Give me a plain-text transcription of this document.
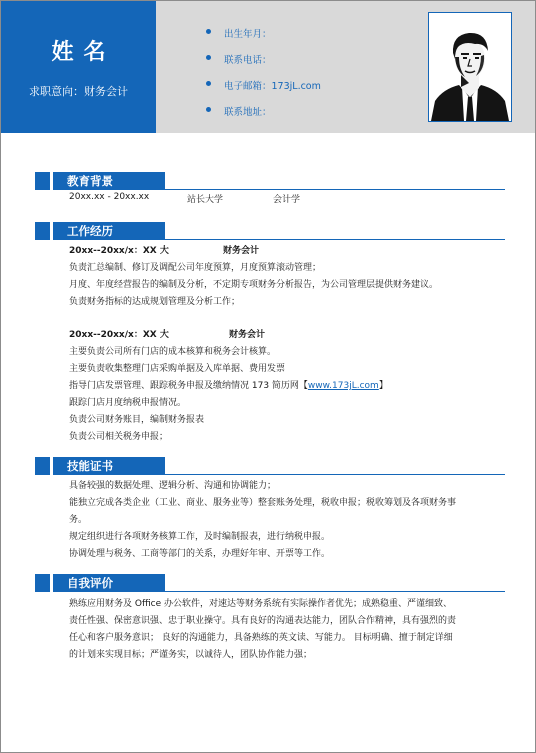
姓名
求职意向：财务会计
出生年月：
联系电话：
电子邮箱：173jL.com
联系地址：
教育背景
20xx.xx - 20xx.xx	站长大学	会计学
工作经历
20xx--20xx/x：XX 大	财务会计
负责汇总编制、修订及调配公司年度预算，月度预算滚动管理；
月度、年度经营报告的编制及分析，不定期专项财务分析报告，为公司管理层提供财务建议。
负责财务指标的达成规划管理及分析工作；
20xx--20xx/x：XX 大	财务会计
主要负责公司所有门店的成本核算和税务会计核算。
主要负责收集整理门店采购单据及入库单据、费用发票
指导门店发票管理、跟踪税务申报及缴纳情况 173 简历网【www.173jL.com】
跟踪门店月度纳税申报情况。
负责公司财务账目，编制财务报表
负责公司相关税务申报；
技能证书
具备较强的数据处理、逻辑分析、沟通和协调能力；
能独立完成各类企业（工业、商业、服务业等）整套账务处理，税收申报；税收筹划及各项财务事
务。
规定组织进行各项财务核算工作，及时编制报表，进行纳税申报。
协调处理与税务、工商等部门的关系，办理好年审、开票等工作。
自我评价
熟练应用财务及 Office 办公软件，对速达等财务系统有实际操作者优先；成熟稳重、严谨细致、
责任性强、保密意识强、忠于职业操守。具有良好的沟通表达能力，团队合作精神，具有强烈的责
任心和客户服务意识； 良好的沟通能力，具备熟练的英文读、写能力。 目标明确、擅于制定详细
的计划来实现目标；严谨务实，以诚待人，团队协作能力强；
